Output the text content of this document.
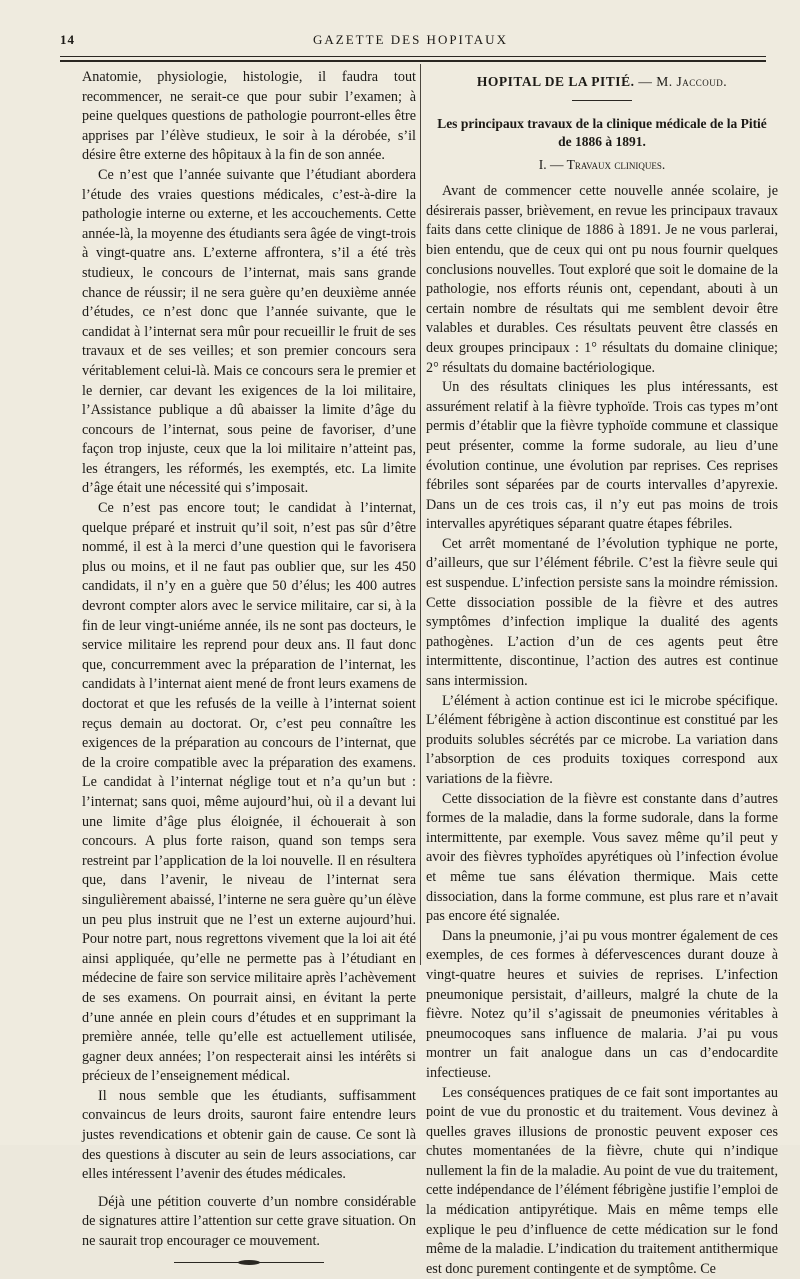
14	GAZETTE DES HOPITAUX

Anatomie, physiologie, histologie, il faudra tout recommencer, ne serait-ce que pour subir l’examen; à peine quelques questions de pathologie pourront-elles être apprises par l’élève studieux, le soir à la dérobée, s’il désire être externe des hôpitaux à la fin de son année.

Ce n’est que l’année suivante que l’étudiant abordera l’étude des vraies questions médicales, c’est-à-dire la pathologie interne ou externe, et les accouchements. Cette année-là, la moyenne des étudiants sera âgée de vingt-trois à vingt-quatre ans. L’externe affrontera, s’il a été très studieux, le concours de l’internat, mais sans grande chance de réussir; il ne sera guère qu’en deuxième année d’études, ce n’est donc que l’année suivante, que le candidat à l’internat sera mûr pour recueillir le fruit de ses travaux et de ses veilles; et son premier concours sera véritablement celui-là. Mais ce concours sera le premier et le dernier, car devant les exigences de la loi militaire, l’Assistance publique a dû abaisser la limite d’âge du concours de l’internat, sous peine de favoriser, d’une façon trop injuste, ceux que la loi militaire n’atteint pas, les étrangers, les réformés, les exemptés, etc. La limite d’âge était une nécessité qui s’imposait.

Ce n’est pas encore tout; le candidat à l’internat, quelque préparé et instruit qu’il soit, n’est pas sûr d’être nommé, il est à la merci d’une question qui le favorisera plus ou moins, et il ne faut pas oublier que, sur les 450 candidats, il n’y en a guère que 50 d’élus; les 400 autres devront compter alors avec le service militaire, car si, à la fin de leur vingt-uniéme année, ils ne sont pas docteurs, le service militaire les reprend pour deux ans. Il faut donc que, concurremment avec la préparation de l’internat, les candidats à l’internat aient mené de front leurs examens de doctorat et que les refusés de la veille à l’internat soient reçus demain au doctorat. Or, c’est peu connaître les exigences de la préparation au concours de l’internat, que de la croire compatible avec la préparation des examens. Le candidat à l’internat néglige tout et n’a qu’un but : l’internat; sans quoi, même aujourd’hui, où il a devant lui une limite d’âge plus éloignée, il échouerait à son concours. A plus forte raison, quand son temps sera restreint par l’application de la loi nouvelle. Il en résultera que, dans l’avenir, le niveau de l’internat sera singulièrement abaissé, l’interne ne sera guère qu’un élève un peu plus instruit que ne l’est un externe aujourd’hui. Pour notre part, nous regrettons vivement que la loi ait été ainsi appliquée, qu’elle ne permette pas à l’étudiant en médecine de faire son service militaire après l’achèvement de ses examens. On pourrait ainsi, en évitant la perte d’une année en plein cours d’études et en supprimant la première année, telle qu’elle est actuellement utilisée, gagner deux années; l’on respecterait ainsi les intérêts si précieux de l’enseignement médical.

Il nous semble que les étudiants, suffisamment convaincus de leurs droits, sauront faire entendre leurs justes revendications et obtenir gain de cause. Ce sont là des questions à discuter au sein de leurs associations, car elles intéressent l’avenir des études médicales.

Déjà une pétition couverte d’un nombre considérable de signatures attire l’attention sur cette grave situation. On ne saurait trop encourager ce mouvement.

HOPITAL DE LA PITIÉ. — M. Jaccoud.

Les principaux travaux de la clinique médicale de la Pitié de 1886 à 1891.

I. — Travaux cliniques.

Avant de commencer cette nouvelle année scolaire, je désirerais passer, brièvement, en revue les principaux travaux faits dans cette clinique de 1886 à 1891. Je ne vous parlerai, bien entendu, que de ceux qui ont pu nous fournir quelques conclusions nouvelles. Tout exploré que soit le domaine de la pathologie, nos efforts réunis ont, cependant, abouti à un certain nombre de résultats qui me semblent devoir être valables et durables. Ces résultats peuvent être classés en deux groupes principaux : 1° résultats du domaine clinique; 2° résultats du domaine bactériologique.

Un des résultats cliniques les plus intéressants, est assurément relatif à la fièvre typhoïde. Trois cas types m’ont permis d’établir que la fièvre typhoïde commune et classique peut présenter, comme la forme sudorale, au lieu d’une évolution continue, une évolution par reprises. Ces reprises fébriles sont séparées par de courts intervalles d’apyrexie. Dans un de ces trois cas, il n’y eut pas moins de trois intervalles apyrétiques séparant quatre étapes fébriles.

Cet arrêt momentané de l’évolution typhique ne porte, d’ailleurs, que sur l’élément fébrile. C’est la fièvre seule qui est suspendue. L’infection persiste sans la moindre rémission. Cette dissociation possible de la fièvre et des autres symptômes d’infection implique la dualité des agents pathogènes. L’action d’un de ces agents peut être intermittente, discontinue, l’action des autres est continue sans intermission.

L’élément à action continue est ici le microbe spécifique. L’élément fébrigène à action discontinue est constitué par les produits solubles sécrétés par ce microbe. La variation dans l’absorption de ces produits toxiques correspond aux variations de la fièvre.

Cette dissociation de la fièvre est constante dans d’autres formes de la maladie, dans la forme sudorale, dans la forme intermittente, par exemple. Vous savez même qu’il peut y avoir des fièvres typhoïdes apyrétiques où l’infection évolue et même tue sans élévation thermique. Mais cette dissociation, dans la forme commune, est plus rare et n’avait pas encore été signalée.

Dans la pneumonie, j’ai pu vous montrer également de ces exemples, de ces formes à défervescences durant douze à vingt-quatre heures et suivies de reprises. L’infection pneumonique persistait, d’ailleurs, malgré la chute de la fièvre. Notez qu’il s’agissait de pneumonies véritables à pneumocoques sans influence de malaria. J’ai pu vous montrer un fait analogue dans un cas d’endocardite infectieuse.

Les conséquences pratiques de ce fait sont importantes au point de vue du pronostic et du traitement. Vous devinez à quelles graves illusions de pronostic peuvent exposer ces chutes momentanées de la fièvre, chute qui n’indique nullement la fin de la maladie. Au point de vue du traitement, cette indépendance de l’élément fébrigène justifie l’emploi de la médication antipyrétique. Mais en même temps elle explique le peu d’influence de cette médication sur le fond même de la maladie. L’indication du traitement antithermique est donc purement contingente et de symptôme. Ce
